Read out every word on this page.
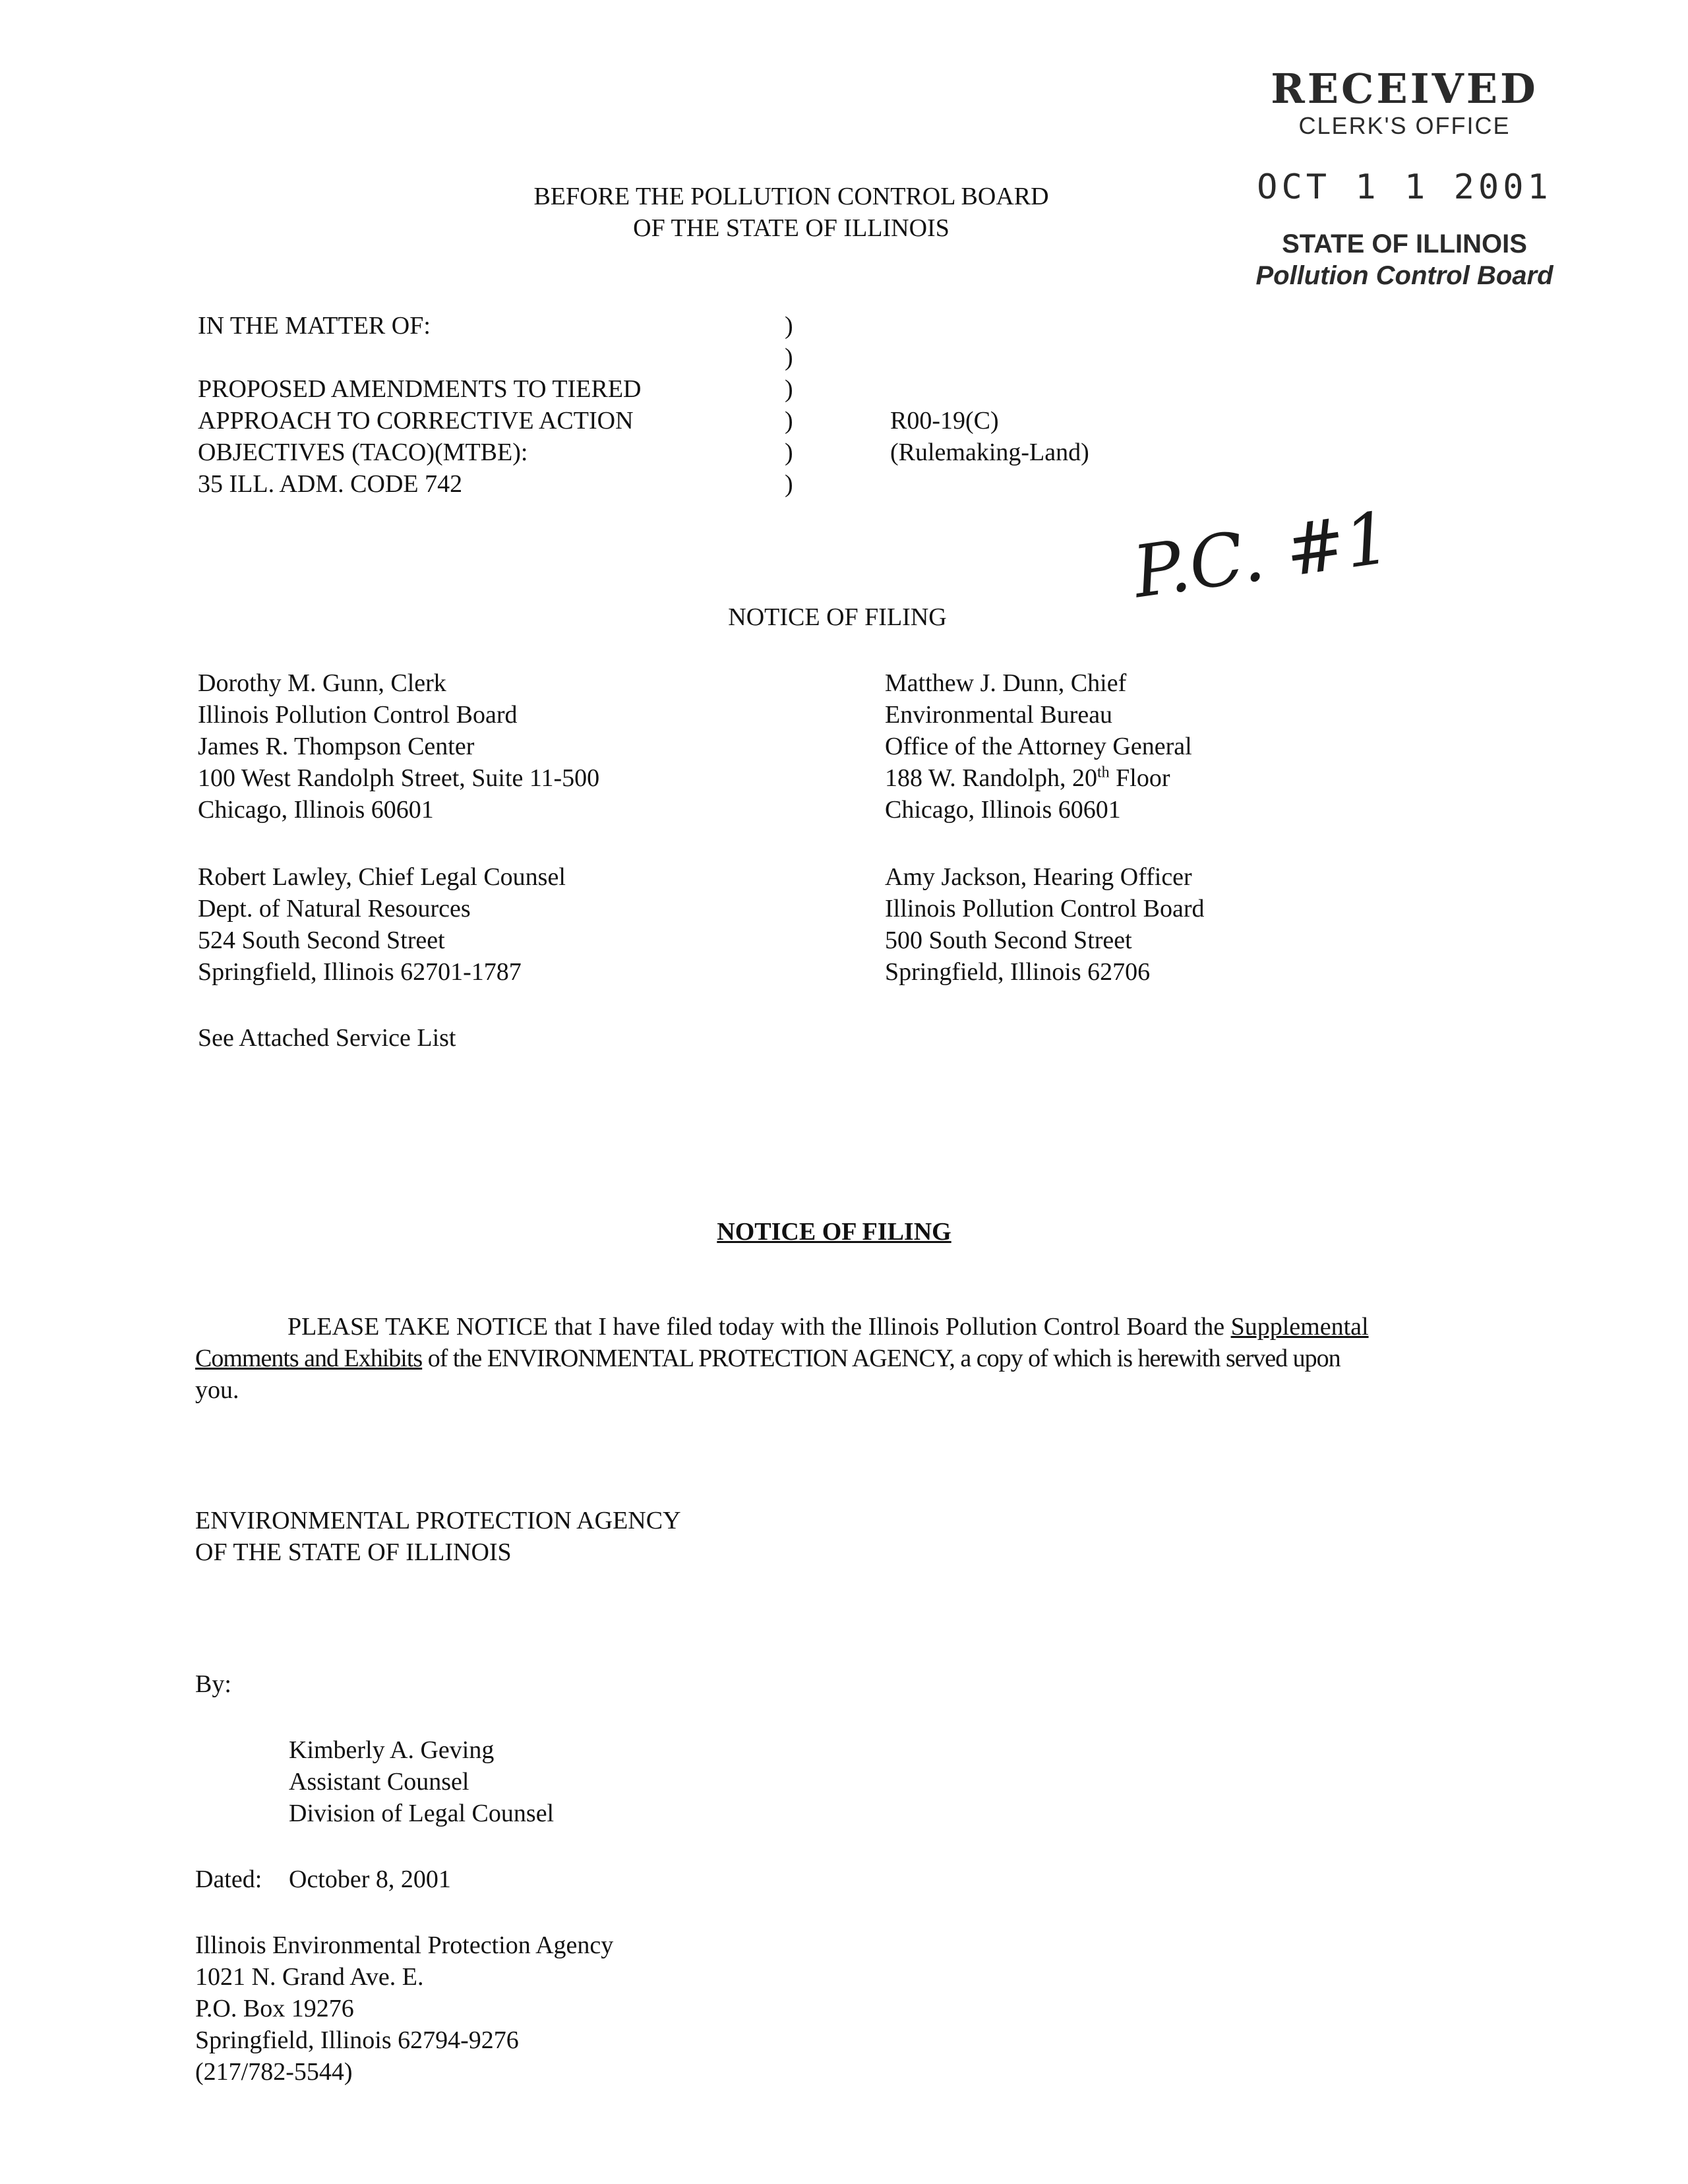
RECEIVED
CLERK'S OFFICE
OCT 1 1 2001
STATE OF ILLINOIS
Pollution Control Board
BEFORE THE POLLUTION CONTROL BOARD
OF THE STATE OF ILLINOIS
IN THE MATTER OF:
PROPOSED AMENDMENTS TO TIERED
APPROACH TO CORRECTIVE ACTION
OBJECTIVES (TACO)(MTBE):
35 ILL. ADM. CODE 742
)
)
)
)
)
)
R00-19(C)
(Rulemaking-Land)
P.C. #1
NOTICE OF FILING
Dorothy M. Gunn, Clerk
Illinois Pollution Control Board
James R. Thompson Center
100 West Randolph Street, Suite 11-500
Chicago, Illinois 60601
Robert Lawley, Chief Legal Counsel
Dept. of Natural Resources
524 South Second Street
Springfield, Illinois 62701-1787
See Attached Service List
Matthew J. Dunn, Chief
Environmental Bureau
Office of the Attorney General
188 W. Randolph, 20th Floor
Chicago, Illinois 60601
Amy Jackson, Hearing Officer
Illinois Pollution Control Board
500 South Second Street
Springfield, Illinois 62706
NOTICE OF FILING
PLEASE TAKE NOTICE that I have filed today with the Illinois Pollution Control Board the Supplemental
Comments and Exhibits of the ENVIRONMENTAL PROTECTION AGENCY, a copy of which is herewith served upon
you.
ENVIRONMENTAL PROTECTION AGENCY
OF THE STATE OF ILLINOIS
By:
Kimberly A. Geving
Assistant Counsel
Division of Legal Counsel
Dated: October 8, 2001
Illinois Environmental Protection Agency
1021 N. Grand Ave. E.
P.O. Box 19276
Springfield, Illinois 62794-9276
(217/782-5544)
